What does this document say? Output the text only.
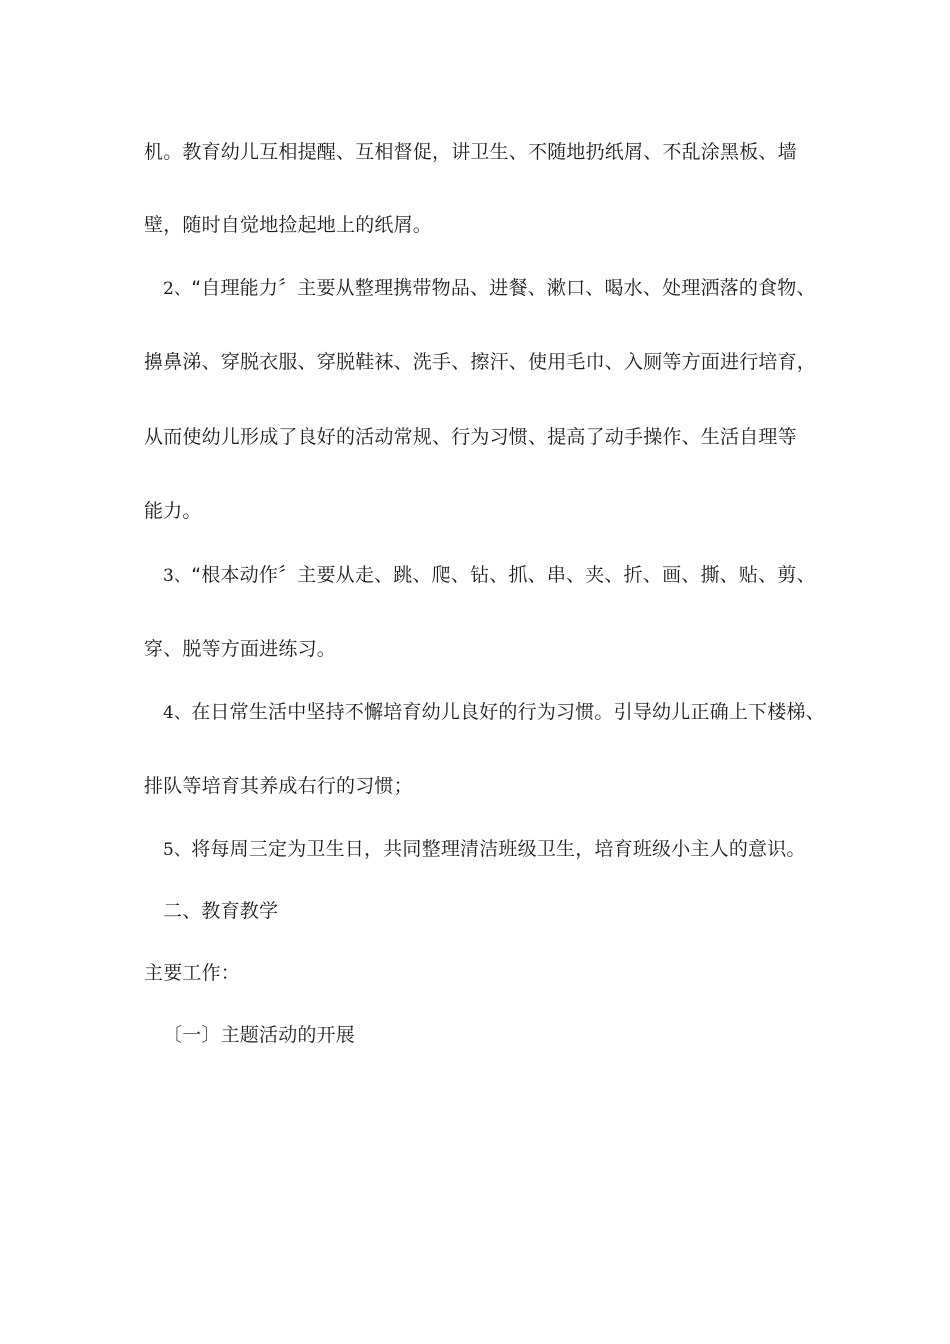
机。教育幼儿互相提醒、互相督促，讲卫生、不随地扔纸屑、不乱涂黑板、墙
壁，随时自觉地捡起地上的纸屑。
2、“自理能力〞主要从整理携带物品、进餐、漱口、喝水、处理洒落的食物、
擤鼻涕、穿脱衣服、穿脱鞋袜、洗手、擦汗、使用毛巾、入厕等方面进行培育，
从而使幼儿形成了良好的活动常规、行为习惯、提高了动手操作、生活自理等
能力。
3、“根本动作〞主要从走、跳、爬、钻、抓、串、夹、折、画、撕、贴、剪、
穿、脱等方面进练习。
4、在日常生活中坚持不懈培育幼儿良好的行为习惯。引导幼儿正确上下楼梯、
排队等培育其养成右行的习惯；
5、将每周三定为卫生日，共同整理清洁班级卫生，培育班级小主人的意识。
二、教育教学
主要工作：
〔一〕主题活动的开展
